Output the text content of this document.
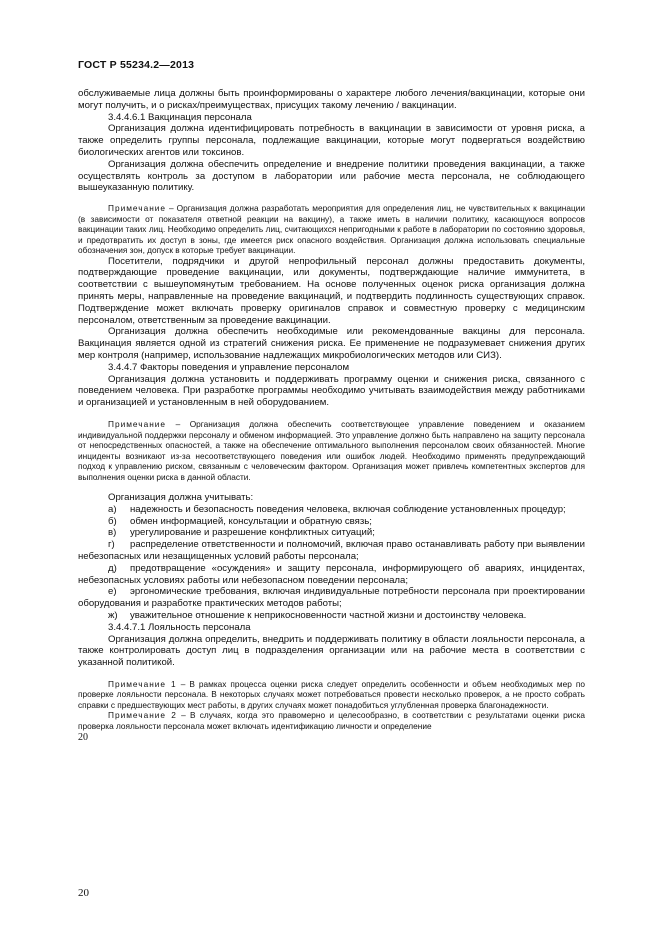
ГОСТ Р 55234.2—2013

обслуживаемые лица должны быть проинформированы о характере любого лечения/вакцинации, которые они могут получить, и о рисках/преимуществах, присущих такому лечению / вакцинации.

3.4.4.6.1 Вакцинация персонала

Организация должна идентифицировать потребность в вакцинации в зависимости от уровня риска, а также определить группы персонала, подлежащие вакцинации, которые могут подвергаться воздействию биологических агентов или токсинов.

Организация должна обеспечить определение и внедрение политики проведения вакцинации, а также осуществлять контроль за доступом в лаборатории или рабочие места персонала, не соблюдающего вышеуказанную политику.

Примечание – Организация должна разработать мероприятия для определения лиц, не чувствительных к вакцинации (в зависимости от показателя ответной реакции на вакцину), а также иметь в наличии политику, касающуюся вопросов вакцинации таких лиц. Необходимо определить лиц, считающихся непригодными к работе в лаборатории по состоянию здоровья, и предотвратить их доступ в зоны, где имеется риск опасного воздействия. Организация должна использовать специальные обозначения зон, допуск в которые требует вакцинации.

Посетители, подрядчики и другой непрофильный персонал должны предоставить документы, подтверждающие проведение вакцинации, или документы, подтверждающие наличие иммунитета, в соответствии с вышеупомянутым требованием. На основе полученных оценок риска организация должна принять меры, направленные на проведение вакцинаций, и подтвердить подлинность существующих справок. Подтверждение может включать проверку оригиналов справок и совместную проверку с медицинским персоналом, ответственным за проведение вакцинации.

Организация должна обеспечить необходимые или рекомендованные вакцины для персонала. Вакцинация является одной из стратегий снижения риска. Ее применение не подразумевает снижения других мер контроля (например, использование надлежащих микробиологических методов или СИЗ).

3.4.4.7 Факторы поведения и управление персоналом

Организация должна установить и поддерживать программу оценки и снижения риска, связанного с поведением человека. При разработке программы необходимо учитывать взаимодействия между работниками и организацией и установленным в ней оборудованием.

Примечание – Организация должна обеспечить соответствующее управление поведением и оказанием индивидуальной поддержки персоналу и обменом информацией. Это управление должно быть направлено на защиту персонала от непосредственных опасностей, а также на обеспечение оптимального выполнения персоналом своих обязанностей. Многие инциденты возникают из-за несоответствующего поведения или ошибок людей. Необходимо применять предупреждающий подход к управлению риском, связанным с человеческим фактором. Организация может привлечь компетентных экспертов для выполнения оценки риска в данной области.

Организация должна учитывать:

а) надежность и безопасность поведения человека, включая соблюдение установленных процедур;

б) обмен информацией, консультации и обратную связь;

в) урегулирование и разрешение конфликтных ситуаций;

г) распределение ответственности и полномочий, включая право останавливать работу при выявлении небезопасных или незащищенных условий работы персонала;

д) предотвращение «осуждения» и защиту персонала, информирующего об авариях, инцидентах, небезопасных условиях работы или небезопасном поведении персонала;

е) эргономические требования, включая индивидуальные потребности персонала при проектировании оборудования и разработке практических методов работы;

ж) уважительное отношение к неприкосновенности частной жизни и достоинству человека.

3.4.4.7.1 Лояльность персонала

Организация должна определить, внедрить и поддерживать политику в области лояльности персонала, а также контролировать доступ лиц в подразделения организации или на рабочие места в соответствии с указанной политикой.

Примечание 1 – В рамках процесса оценки риска следует определить особенности и объем необходимых мер по проверке лояльности персонала. В некоторых случаях может потребоваться провести несколько проверок, а не просто собрать справки с предшествующих мест работы, в других случаях может понадобиться углубленная проверка благонадежности.

Примечание 2 – В случаях, когда это правомерно и целесообразно, в соответствии с результатами оценки риска проверка лояльности персонала может включать идентификацию личности и определение

20

20
